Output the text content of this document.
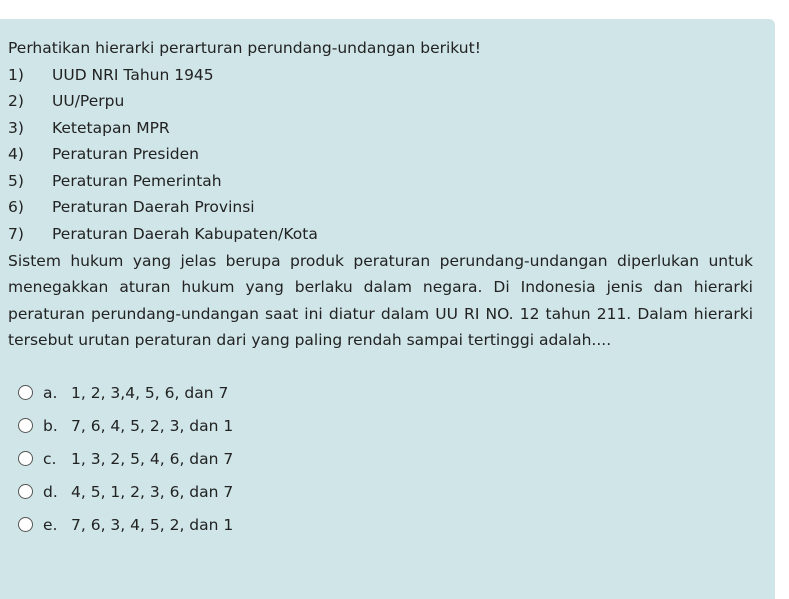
Perhatikan hierarki perarturan perundang-undangan berikut!

1)	UUD NRI Tahun 1945
2)	UU/Perpu
3)	Ketetapan MPR
4)	Peraturan Presiden
5)	Peraturan Pemerintah
6)	Peraturan Daerah Provinsi
7)	Peraturan Daerah Kabupaten/Kota

Sistem hukum yang jelas berupa produk peraturan perundang-undangan diperlukan untuk menegakkan aturan hukum yang berlaku dalam negara. Di Indonesia jenis dan hierarki peraturan perundang-undangan saat ini diatur dalam UU RI NO. 12 tahun 211. Dalam hierarki tersebut urutan peraturan dari yang paling rendah sampai tertinggi adalah....

a. 1, 2, 3,4, 5, 6, dan 7
b. 7, 6, 4, 5, 2, 3, dan 1
c. 1, 3, 2, 5, 4, 6, dan 7
d. 4, 5, 1, 2, 3, 6, dan 7
e. 7, 6, 3, 4, 5, 2, dan 1
